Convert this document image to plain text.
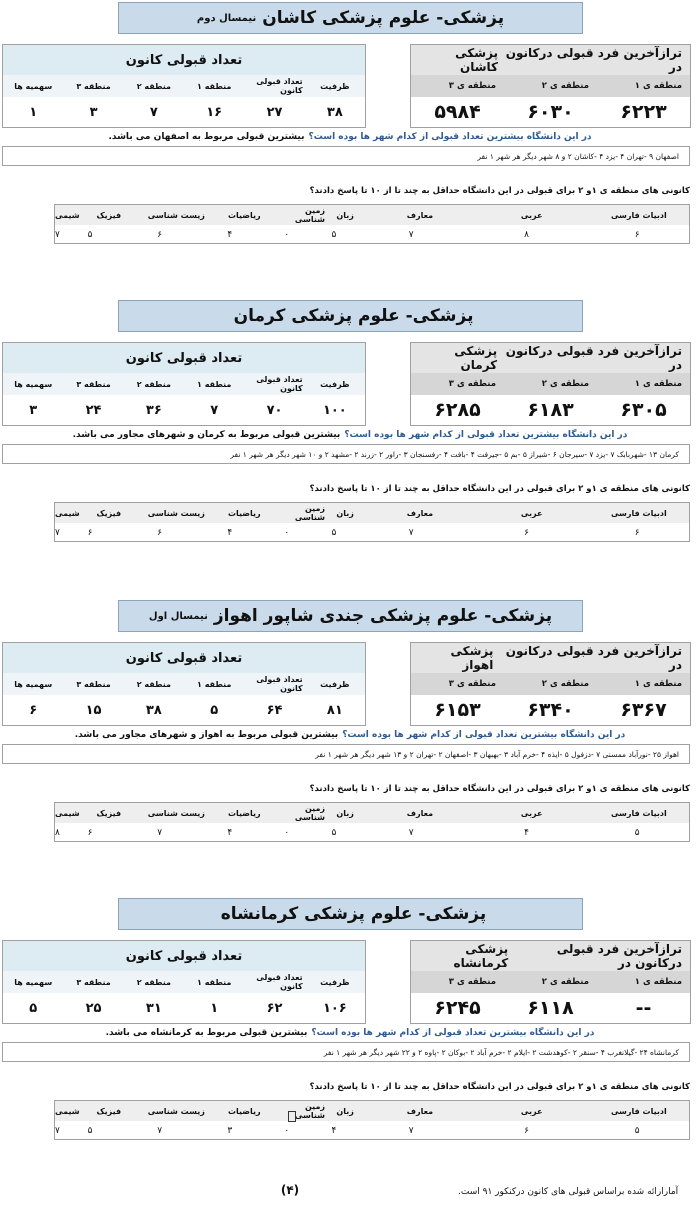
پزشکی- علوم پزشکی کاشان
نیمسال دوم
ترازآخرین فرد قبولی درکانون در

پزشکی کاشان
منطقه ی ۱
منطقه ی ۲
منطقه ی ۳
۶۲۲۳
۶۰۳۰
۵۹۸۴
تعداد قبولی کانون
ظرفیت
تعداد قبولی کانون
منطقه ۱
منطقه ۲
منطقه ۳
سهمیه ها
۳۸
۲۷
۱۶
۷
۳
۱
در این دانشگاه بیشترین تعداد قبولی از کدام شهر ها بوده است؟
بیشترین قبولی مربوط به اصفهان می باشد.
اصفهان ۹ -تهران ۴ -یزد ۴ -کاشان ۲ و ۸ شهر دیگر هر شهر ۱ نفر
کانونی های منطقه ی ۱و ۲ برای قبولی در این دانشگاه حداقل به چند تا از ۱۰ تا پاسخ دادند؟
ادبیات فارسی
عربی
معارف
زبان
زمین شناسی
ریاضیات
زیست شناسی
فیزیک
شیمی
۶
۸
۷
۵
۰
۴
۶
۵
۷
پزشکی- علوم پزشکی کرمان
ترازآخرین فرد قبولی درکانون در

پزشکی کرمان
منطقه ی ۱
منطقه ی ۲
منطقه ی ۳
۶۳۰۵
۶۱۸۳
۶۲۸۵
تعداد قبولی کانون
ظرفیت
تعداد قبولی کانون
منطقه ۱
منطقه ۲
منطقه ۳
سهمیه ها
۱۰۰
۷۰
۷
۳۶
۲۴
۳
در این دانشگاه بیشترین تعداد قبولی از کدام شهر ها بوده است؟
بیشترین قبولی مربوط به کرمان و شهرهای مجاور می باشد.
کرمان ۱۳ -شهربابک ۷ -یزد ۷ -سیرجان ۶ -شیراز ۵ -بم ۵ -جیرفت ۴ -بافت ۴ -رفسنجان ۳ -راور ۲ -زرند ۲ -مشهد ۲ و ۱۰ شهر دیگر هر شهر ۱ نفر
کانونی های منطقه ی ۱و ۲ برای قبولی در این دانشگاه حداقل به چند تا از ۱۰ تا پاسخ دادند؟
ادبیات فارسی
عربی
معارف
زبان
زمین شناسی
ریاضیات
زیست شناسی
فیزیک
شیمی
۶
۶
۷
۵
۰
۴
۶
۶
۷
پزشکی- علوم پزشکی جندی شاپور اهواز
نیمسال اول
ترازآخرین فرد قبولی درکانون در

پزشکی اهواز
منطقه ی ۱
منطقه ی ۲
منطقه ی ۳
۶۳۶۷
۶۳۴۰
۶۱۵۳
تعداد قبولی کانون
ظرفیت
تعداد قبولی کانون
منطقه ۱
منطقه ۲
منطقه ۳
سهمیه ها
۸۱
۶۴
۵
۳۸
۱۵
۶
در این دانشگاه بیشترین تعداد قبولی از کدام شهر ها بوده است؟
بیشترین قبولی مربوط به اهواز و شهرهای مجاور می باشد.
اهواز ۲۵ -نورآباد ممسنی ۷ -دزفول ۵ -ایذه ۴ -خرم آباد ۳ -بهبهان ۳ -اصفهان ۲ -تهران ۲ و ۱۳ شهر دیگر هر شهر ۱ نفر
کانونی های منطقه ی ۱و ۲ برای قبولی در این دانشگاه حداقل به چند تا از ۱۰ تا پاسخ دادند؟
ادبیات فارسی
عربی
معارف
زبان
زمین شناسی
ریاضیات
زیست شناسی
فیزیک
شیمی
۵
۴
۷
۵
۰
۴
۷
۶
۸
پزشکی- علوم پزشکی کرمانشاه
ترازآخرین فرد قبولی درکانون در

پزشکی کرمانشاه
منطقه ی ۱
منطقه ی ۲
منطقه ی ۳
--
۶۱۱۸
۶۲۴۵
تعداد قبولی کانون
ظرفیت
تعداد قبولی کانون
منطقه ۱
منطقه ۲
منطقه ۳
سهمیه ها
۱۰۶
۶۲
۱
۳۱
۲۵
۵
در این دانشگاه بیشترین تعداد قبولی از کدام شهر ها بوده است؟
بیشترین قبولی مربوط به کرمانشاه می باشد.
کرمانشاه ۲۴ -گیلانغرب ۴ -سنقر ۲ -کوهدشت ۲ -ایلام ۲ -خرم آباد ۲ -بوکان ۲ -پاوه ۲ و ۲۲ شهر دیگر هر شهر ۱ نفر
کانونی های منطقه ی ۱و ۲ برای قبولی در این دانشگاه حداقل به چند تا از ۱۰ تا پاسخ دادند؟
ادبیات فارسی
عربی
معارف
زبان
زمین شناسی
ریاضیات
زیست شناسی
فیزیک
شیمی
۵
۶
۷
۴
۰
۳
۷
۵
۷
(۴)	آمارارائه شده براساس قبولی های کانون درکنکور ۹۱ است.
